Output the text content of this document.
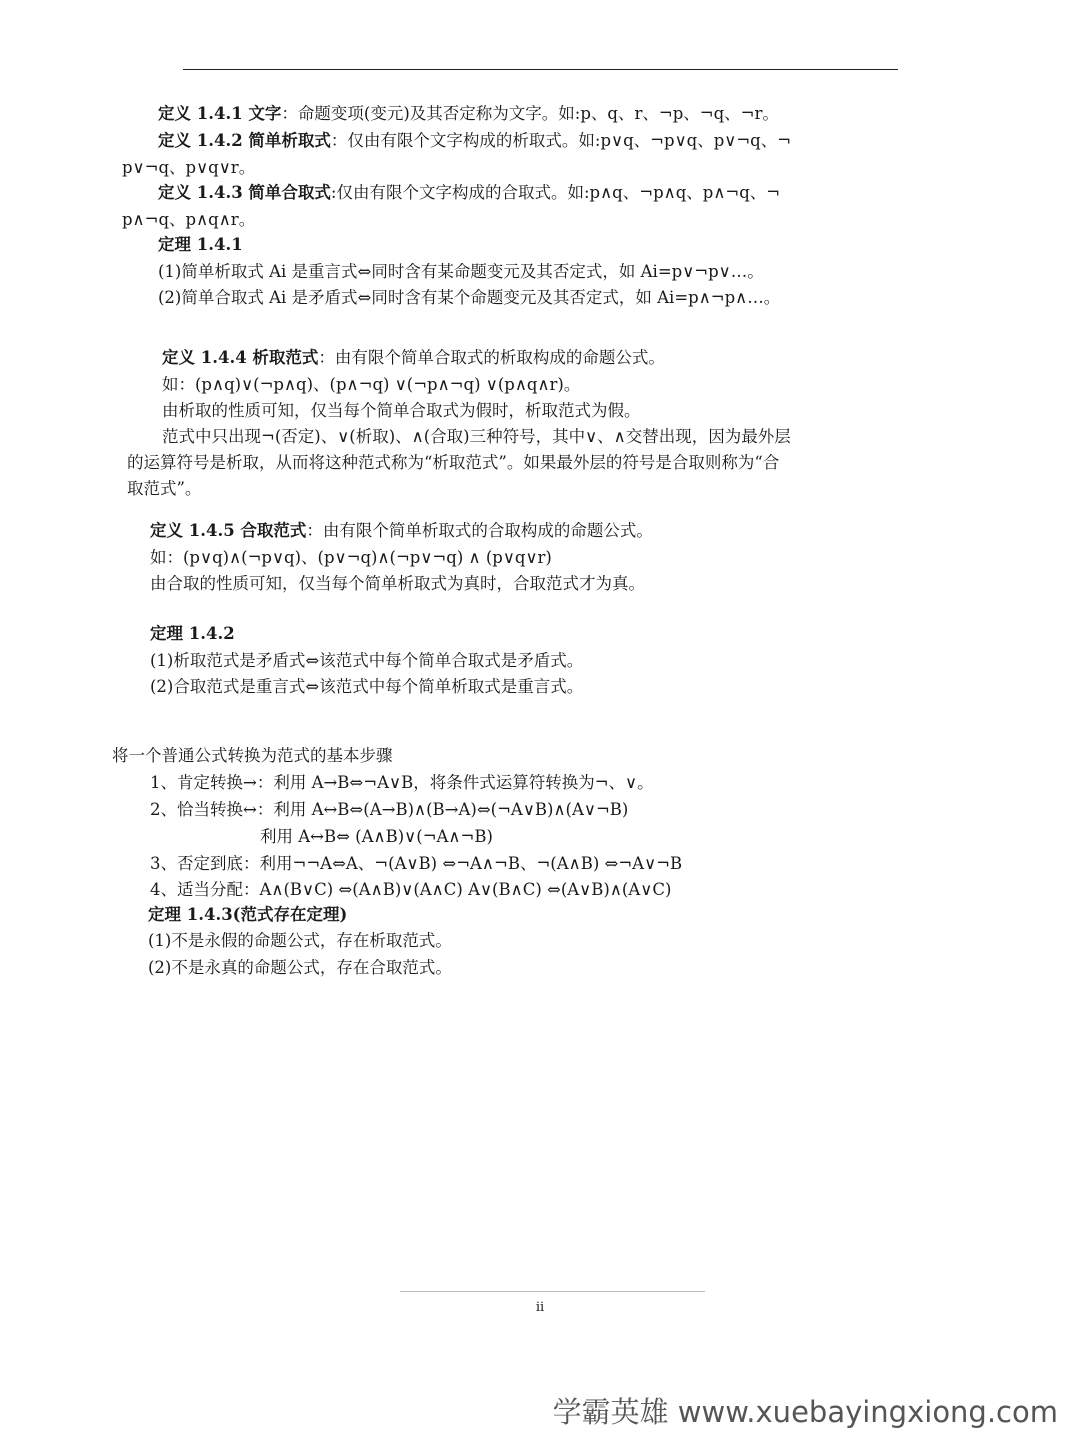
定义 1.4.1 文字：命题变项(变元)及其否定称为文字。如:p、q、r、¬p、¬q、¬r。
定义 1.4.2 简单析取式：仅由有限个文字构成的析取式。如:p∨q、¬p∨q、p∨¬q、¬
p∨¬q、p∨q∨r。
定义 1.4.3 简单合取式:仅由有限个文字构成的合取式。如:p∧q、¬p∧q、p∧¬q、¬
p∧¬q、p∧q∧r。
定理 1.4.1
(1)简单析取式 Ai 是重言式⇔同时含有某命题变元及其否定式，如 Ai=p∨¬p∨…。
(2)简单合取式 Ai 是矛盾式⇔同时含有某个命题变元及其否定式，如 Ai=p∧¬p∧…。
定义 1.4.4 析取范式：由有限个简单合取式的析取构成的命题公式。
如：(p∧q)∨(¬p∧q)、(p∧¬q) ∨(¬p∧¬q) ∨(p∧q∧r)。
由析取的性质可知，仅当每个简单合取式为假时，析取范式为假。
范式中只出现¬(否定)、∨(析取)、∧(合取)三种符号，其中∨、∧交替出现，因为最外层
的运算符号是析取，从而将这种范式称为“析取范式”。如果最外层的符号是合取则称为“合
取范式”。
定义 1.4.5 合取范式：由有限个简单析取式的合取构成的命题公式。
如：(p∨q)∧(¬p∨q)、(p∨¬q)∧(¬p∨¬q) ∧ (p∨q∨r)
由合取的性质可知，仅当每个简单析取式为真时，合取范式才为真。
定理 1.4.2
(1)析取范式是矛盾式⇔该范式中每个简单合取式是矛盾式。
(2)合取范式是重言式⇔该范式中每个简单析取式是重言式。
将一个普通公式转换为范式的基本步骤
1、肯定转换→：利用 A→B⇔¬A∨B，将条件式运算符转换为¬、∨。
2、恰当转换↔：利用 A↔B⇔(A→B)∧(B→A)⇔(¬A∨B)∧(A∨¬B)
利用 A↔B⇔ (A∧B)∨(¬A∧¬B)
3、否定到底：利用¬¬A⇔A、¬(A∨B) ⇔¬A∧¬B、¬(A∧B) ⇔¬A∨¬B
4、适当分配：A∧(B∨C) ⇔(A∧B)∨(A∧C) A∨(B∧C) ⇔(A∨B)∧(A∨C)
定理 1.4.3(范式存在定理)
(1)不是永假的命题公式，存在析取范式。
(2)不是永真的命题公式，存在合取范式。
ii
学霸英雄 www.xuebayingxiong.com
